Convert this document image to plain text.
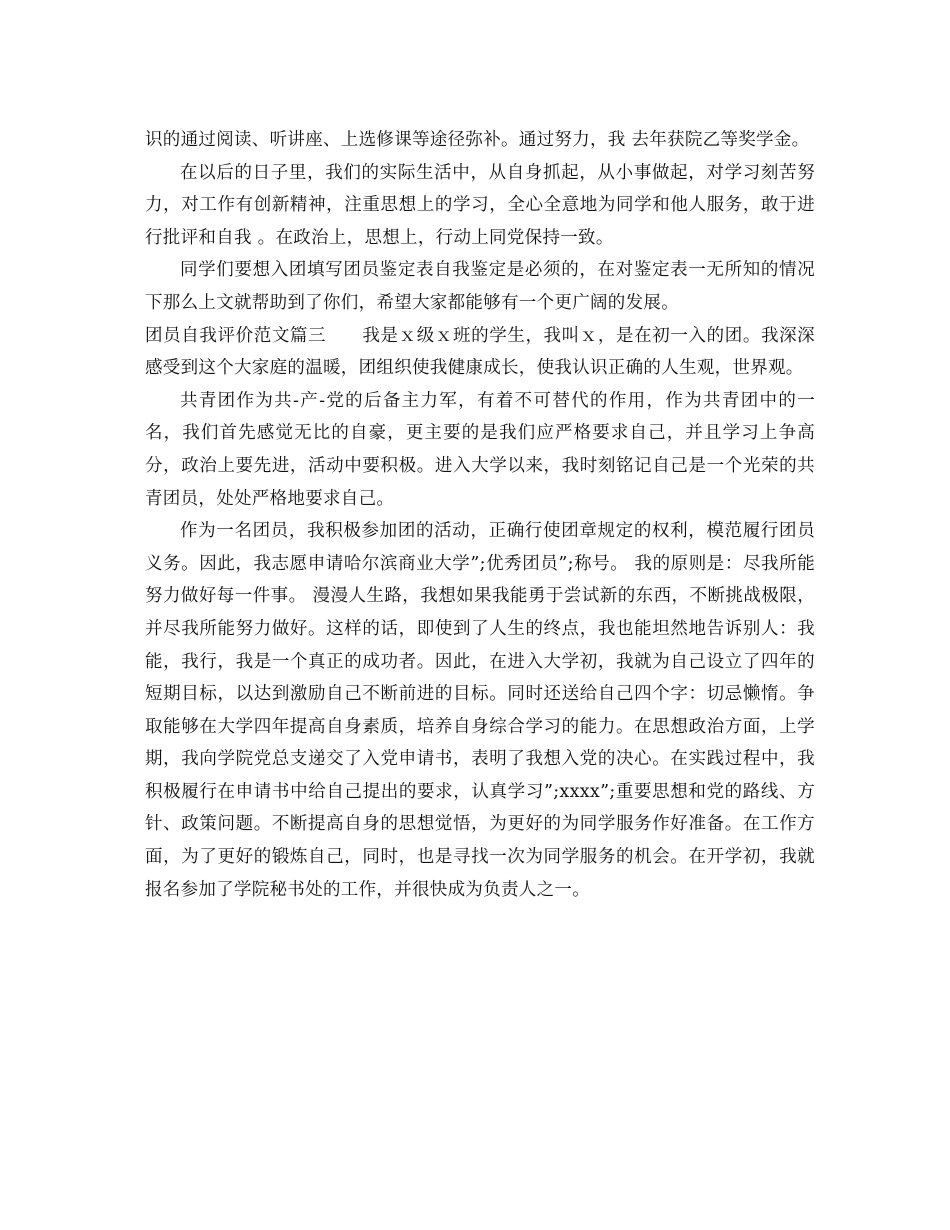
识的通过阅读、听讲座、上选修课等途径弥补。通过努力，我 去年获院乙等奖学金。

在以后的日子里，我们的实际生活中，从自身抓起，从小事做起，对学习刻苦努力，对工作有创新精神，注重思想上的学习，全心全意地为同学和他人服务，敢于进行批评和自我 。在政治上，思想上，行动上同党保持一致。

同学们要想入团填写团员鉴定表自我鉴定是必须的，在对鉴定表一无所知的情况下那么上文就帮助到了你们，希望大家都能够有一个更广阔的发展。

团员自我评价范文篇三　　我是ｘ级ｘ班的学生，我叫ｘ，是在初一入的团。我深深感受到这个大家庭的温暖，团组织使我健康成长，使我认识正确的人生观，世界观。

共青团作为共-产-党的后备主力军，有着不可替代的作用，作为共青团中的一名，我们首先感觉无比的自豪，更主要的是我们应严格要求自己，并且学习上争高分，政治上要先进，活动中要积极。进入大学以来，我时刻铭记自己是一个光荣的共青团员，处处严格地要求自己。

作为一名团员，我积极参加团的活动，正确行使团章规定的权利，模范履行团员义务。因此，我志愿申请哈尔滨商业大学”;优秀团员”;称号。 我的原则是：尽我所能努力做好每一件事。 漫漫人生路，我想如果我能勇于尝试新的东西，不断挑战极限，并尽我所能努力做好。这样的话，即使到了人生的终点，我也能坦然地告诉别人：我能，我行，我是一个真正的成功者。因此，在进入大学初，我就为自己设立了四年的短期目标，以达到激励自己不断前进的目标。同时还送给自己四个字：切忌懒惰。争取能够在大学四年提高自身素质，培养自身综合学习的能力。在思想政治方面，上学期，我向学院党总支递交了入党申请书，表明了我想入党的决心。在实践过程中，我积极履行在申请书中给自己提出的要求，认真学习”;xxxx”;重要思想和党的路线、方针、政策问题。不断提高自身的思想觉悟，为更好的为同学服务作好准备。在工作方面，为了更好的锻炼自己，同时，也是寻找一次为同学服务的机会。在开学初，我就报名参加了学院秘书处的工作，并很快成为负责人之一。
